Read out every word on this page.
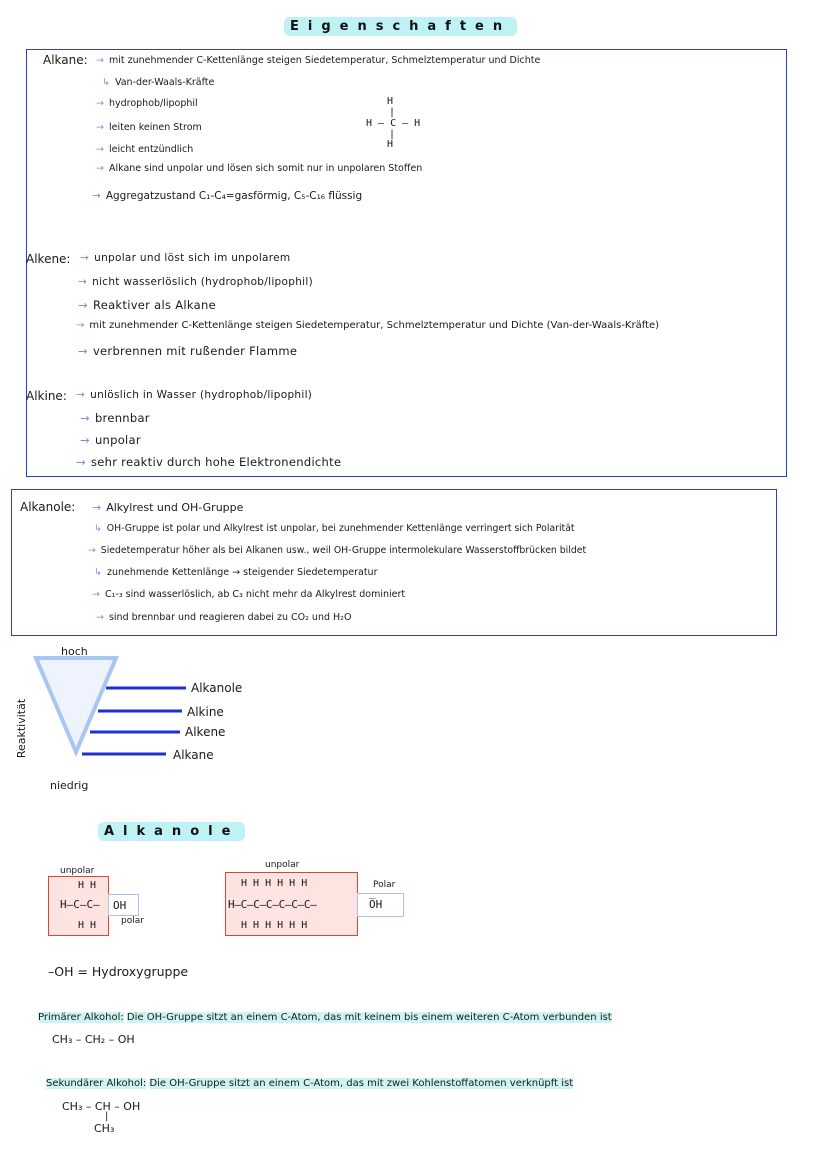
Eigenschaften
Alkane: → mit zunehmender C-Kettenlänge steigen Siedetemperatur, Schmelztemperatur und Dichte
↳ Van-der-Waals-Kräfte
→ hydrophob/lipophil
→ leiten keinen Strom
→ leicht entzündlich
→ Alkane sind unpolar und lösen sich somit nur in unpolaren Stoffen
→ Aggregatzustand C₁-C₄=gasförmig, C₅-C₁₆ flüssig
H
|
H – C – H
|
H
Alkene: → unpolar und löst sich im unpolarem
→ nicht wasserlöslich (hydrophob/lipophil)
→ Reaktiver als Alkane
→ mit zunehmender C-Kettenlänge steigen Siedetemperatur, Schmelztemperatur und Dichte (Van-der-Waals-Kräfte)
→ verbrennen mit rußender Flamme
Alkine: → unlöslich in Wasser (hydrophob/lipophil)
→ brennbar
→ unpolar
→ sehr reaktiv durch hohe Elektronendichte
Alkanole: → Alkylrest und OH-Gruppe
↳ OH-Gruppe ist polar und Alkylrest ist unpolar, bei zunehmender Kettenlänge verringert sich Polarität
→ Siedetemperatur höher als bei Alkanen usw., weil OH-Gruppe intermolekulare Wasserstoffbrücken bildet
↳ zunehmende Kettenlänge → steigender Siedetemperatur
→ C₁-₃ sind wasserlöslich, ab C₃ nicht mehr da Alkylrest dominiert
→ sind brennbar und reagieren dabei zu CO₂ und H₂O
hoch
niedrig
Reaktivität
Alkanole
Alkine
Alkene
Alkane
Alkanole
unpolar
H H
H–C–C–
H H
OH
polar
unpolar
H H H H H H
H–C–C–C–C–C–C–
H H H H H H
O̅H
Polar
–OH = Hydroxygruppe
Primärer Alkohol: Die OH-Gruppe sitzt an einem C-Atom, das mit keinem bis einem weiteren C-Atom verbunden ist
CH₃ – CH₂ – OH
Sekundärer Alkohol: Die OH-Gruppe sitzt an einem C-Atom, das mit zwei Kohlenstoffatomen verknüpft ist
CH₃ – CH – OH
|
CH₃
